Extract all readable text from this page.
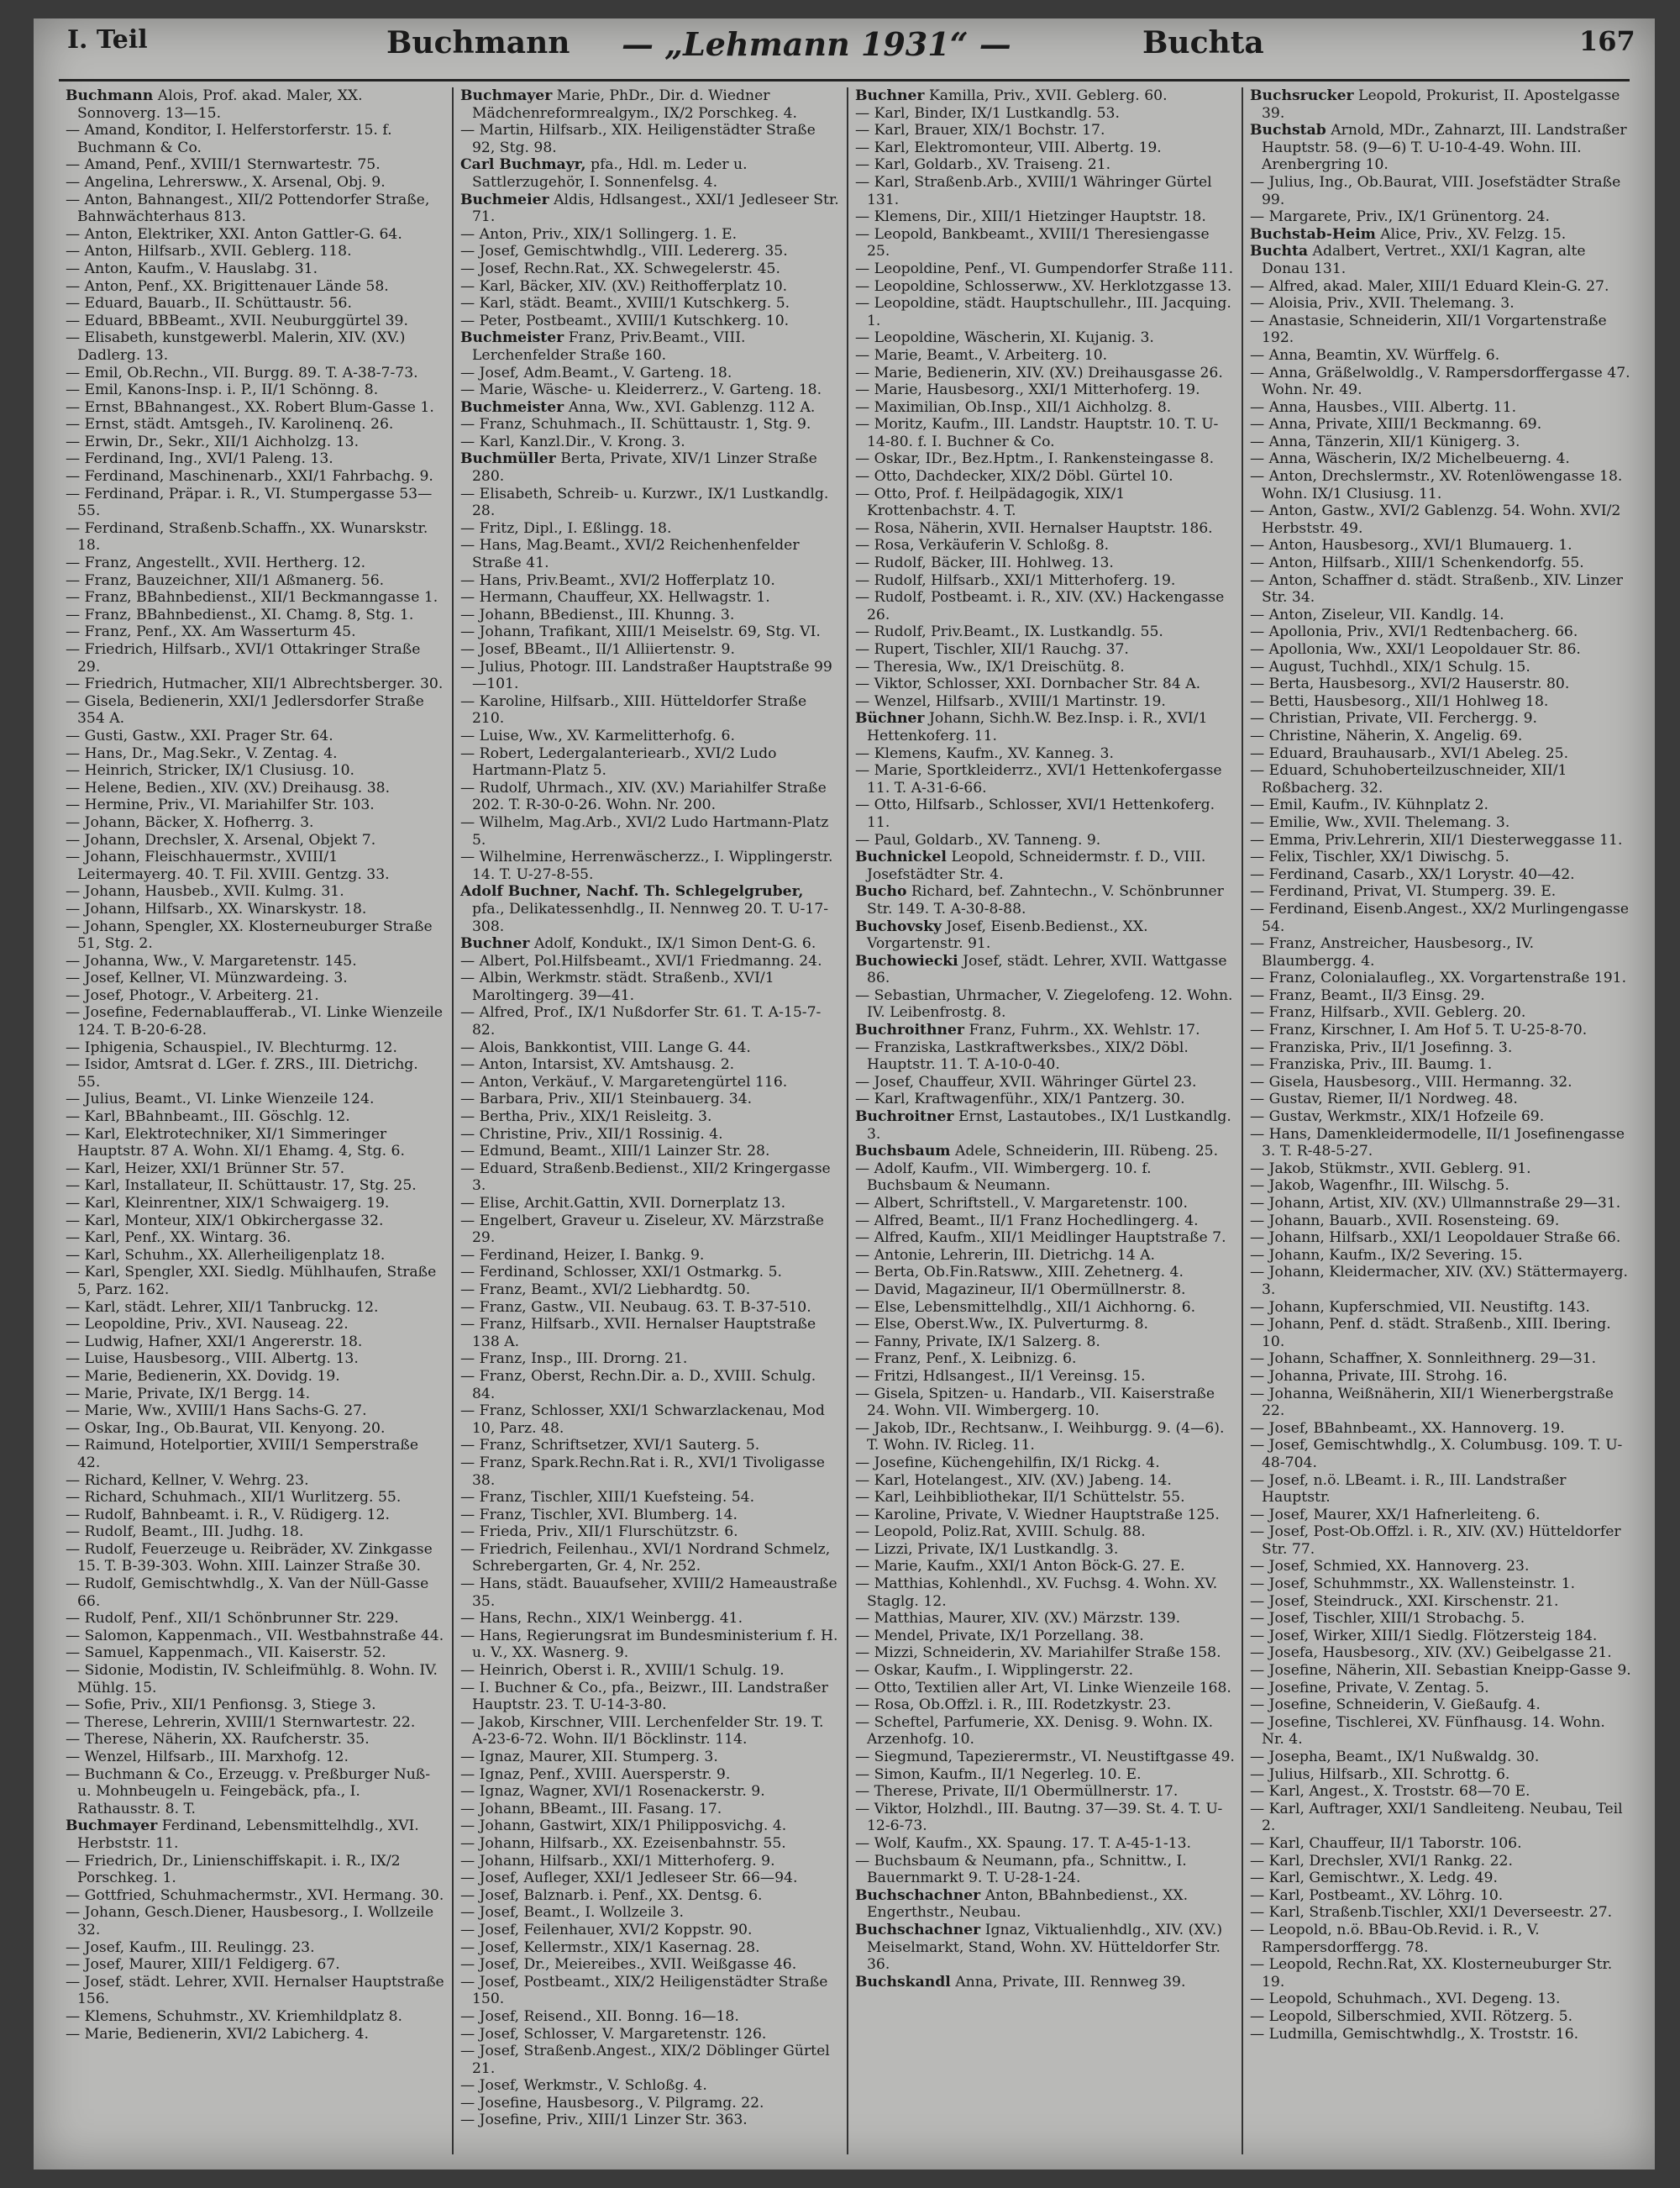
I. Teil	Buchmann — „Lehmann 1931“ —	Buchta	167
Buchmann Alois, Prof. akad. Maler, XX. Sonnoverg. 13—15.
— Amand, Konditor, I. Helferstorferstr. 15. f. Buchmann & Co.
— Amand, Penf., XVIII/1 Sternwartestr. 75.
— Angelina, Lehrersww., X. Arsenal, Obj. 9.
— Anton, Bahnangest., XII/2 Pottendorfer Straße, Bahnwächterhaus 813.
— Anton, Elektriker, XXI. Anton Gattler-G. 64.
— Anton, Hilfsarb., XVII. Geblerg. 118.
— Anton, Kaufm., V. Hauslabg. 31.
— Anton, Penf., XX. Brigittenauer Lände 58.
— Eduard, Bauarb., II. Schüttaustr. 56.
— Eduard, BBBeamt., XVII. Neuburggürtel 39.
— Elisabeth, kunstgewerbl. Malerin, XIV. (XV.) Dadlerg. 13.
— Emil, Ob.Rechn., VII. Burgg. 89. T. A-38-7-73.
— Emil, Kanons-Insp. i. P., II/1 Schönng. 8.
— Ernst, BBahnangest., XX. Robert Blum-Gasse 1.
— Ernst, städt. Amtsgeh., IV. Karolinenq. 26.
— Erwin, Dr., Sekr., XII/1 Aichholzg. 13.
— Ferdinand, Ing., XVI/1 Paleng. 13.
— Ferdinand, Maschinenarb., XXI/1 Fahrbachg. 9.
— Ferdinand, Präpar. i. R., VI. Stumpergasse 53—55.
— Ferdinand, Straßenb.Schaffn., XX. Wunarskstr. 18.
— Franz, Angestellt., XVII. Hertherg. 12.
— Franz, Bauzeichner, XII/1 Aßmanerg. 56.
— Franz, BBahnbedienst., XII/1 Beckmanngasse 1.
— Franz, BBahnbedienst., XI. Chamg. 8, Stg. 1.
— Franz, Penf., XX. Am Wasserturm 45.
— Friedrich, Hilfsarb., XVI/1 Ottakringer Straße 29.
— Friedrich, Hutmacher, XII/1 Albrechtsberger. 30.
— Gisela, Bedienerin, XXI/1 Jedlersdorfer Straße 354 A.
— Gusti, Gastw., XXI. Prager Str. 64.
— Hans, Dr., Mag.Sekr., V. Zentag. 4.
— Heinrich, Stricker, IX/1 Clusiusg. 10.
— Helene, Bedien., XIV. (XV.) Dreihausg. 38.
— Hermine, Priv., VI. Mariahilfer Str. 103.
— Johann, Bäcker, X. Hofherrg. 3.
— Johann, Drechsler, X. Arsenal, Objekt 7.
— Johann, Fleischhauermstr., XVIII/1 Leitermayerg. 40. T. Fil. XVIII. Gentzg. 33.
— Johann, Hausbeb., XVII. Kulmg. 31.
— Johann, Hilfsarb., XX. Winarskystr. 18.
— Johann, Spengler, XX. Klosterneuburger Straße 51, Stg. 2.
— Johanna, Ww., V. Margaretenstr. 145.
— Josef, Kellner, VI. Münzwardeing. 3.
— Josef, Photogr., V. Arbeiterg. 21.
— Josefine, Federnablaufferab., VI. Linke Wienzeile 124. T. B-20-6-28.
— Iphigenia, Schauspiel., IV. Blechturmg. 12.
— Isidor, Amtsrat d. LGer. f. ZRS., III. Dietrichg. 55.
— Julius, Beamt., VI. Linke Wienzeile 124.
— Karl, BBahnbeamt., III. Göschlg. 12.
— Karl, Elektrotechniker, XI/1 Simmeringer Hauptstr. 87 A. Wohn. XI/1 Ehamg. 4, Stg. 6.
— Karl, Heizer, XXI/1 Brünner Str. 57.
— Karl, Installateur, II. Schüttaustr. 17, Stg. 25.
— Karl, Kleinrentner, XIX/1 Schwaigerg. 19.
— Karl, Monteur, XIX/1 Obkirchergasse 32.
— Karl, Penf., XX. Wintarg. 36.
— Karl, Schuhm., XX. Allerheiligenplatz 18.
— Karl, Spengler, XXI. Siedlg. Mühlhaufen, Straße 5, Parz. 162.
— Karl, städt. Lehrer, XII/1 Tanbruckg. 12.
— Leopoldine, Priv., XVI. Nauseag. 22.
— Ludwig, Hafner, XXI/1 Angererstr. 18.
— Luise, Hausbesorg., VIII. Albertg. 13.
— Marie, Bedienerin, XX. Dovidg. 19.
— Marie, Private, IX/1 Bergg. 14.
— Marie, Ww., XVIII/1 Hans Sachs-G. 27.
— Oskar, Ing., Ob.Baurat, VII. Kenyong. 20.
— Raimund, Hotelportier, XVIII/1 Semperstraße 42.
— Richard, Kellner, V. Wehrg. 23.
— Richard, Schuhmach., XII/1 Wurlitzerg. 55.
— Rudolf, Bahnbeamt. i. R., V. Rüdigerg. 12.
— Rudolf, Beamt., III. Judhg. 18.
— Rudolf, Feuerzeuge u. Reibräder, XV. Zinkgasse 15. T. B-39-303. Wohn. XIII. Lainzer Straße 30.
— Rudolf, Gemischtwhdlg., X. Van der Nüll-Gasse 66.
— Rudolf, Penf., XII/1 Schönbrunner Str. 229.
— Salomon, Kappenmach., VII. Westbahnstraße 44.
— Samuel, Kappenmach., VII. Kaiserstr. 52.
— Sidonie, Modistin, IV. Schleifmühlg. 8. Wohn. IV. Mühlg. 15.
— Sofie, Priv., XII/1 Penfionsg. 3, Stiege 3.
— Therese, Lehrerin, XVIII/1 Sternwartestr. 22.
— Therese, Näherin, XX. Raufcherstr. 35.
— Wenzel, Hilfsarb., III. Marxhofg. 12.
— Buchmann & Co., Erzeugg. v. Preßburger Nuß- u. Mohnbeugeln u. Feingebäck, pfa., I. Rathausstr. 8. T.
Buchmayer Ferdinand, Lebensmittelhdlg., XVI. Herbststr. 11.
— Friedrich, Dr., Linienschiffskapit. i. R., IX/2 Porschkeg. 1.
— Gottfried, Schuhmachermstr., XVI. Hermang. 30.
— Johann, Gesch.Diener, Hausbesorg., I. Wollzeile 32.
— Josef, Kaufm., III. Reulingg. 23.
— Josef, Maurer, XIII/1 Feldigerg. 67.
— Josef, städt. Lehrer, XVII. Hernalser Hauptstraße 156.
— Klemens, Schuhmstr., XV. Kriemhildplatz 8.
— Marie, Bedienerin, XVI/2 Labicherg. 4.
Buchmayer Marie, PhDr., Dir. d. Wiedner Mädchenreformrealgym., IX/2 Porschkeg. 4.
— Martin, Hilfsarb., XIX. Heiligenstädter Straße 92, Stg. 98.
Carl Buchmayr, pfa., Hdl. m. Leder u. Sattlerzugehör, I. Sonnenfelsg. 4.
Buchmeier Aldis, Hdlsangest., XXI/1 Jedleseer Str. 71.
— Anton, Priv., XIX/1 Sollingerg. 1. E.
— Josef, Gemischtwhdlg., VIII. Ledererg. 35.
— Josef, Rechn.Rat., XX. Schwegelerstr. 45.
— Karl, Bäcker, XIV. (XV.) Reithofferplatz 10.
— Karl, städt. Beamt., XVIII/1 Kutschkerg. 5.
— Peter, Postbeamt., XVIII/1 Kutschkerg. 10.
Buchmeister Franz, Priv.Beamt., VIII. Lerchenfelder Straße 160.
— Josef, Adm.Beamt., V. Garteng. 18.
— Marie, Wäsche- u. Kleiderrerz., V. Garteng. 18.
Buchmeister Anna, Ww., XVI. Gablenzg. 112 A.
— Franz, Schuhmach., II. Schüttaustr. 1, Stg. 9.
— Karl, Kanzl.Dir., V. Krong. 3.
Buchmüller Berta, Private, XIV/1 Linzer Straße 280.
— Elisabeth, Schreib- u. Kurzwr., IX/1 Lustkandlg. 28.
— Fritz, Dipl., I. Eßlingg. 18.
— Hans, Mag.Beamt., XVI/2 Reichenhenfelder Straße 41.
— Hans, Priv.Beamt., XVI/2 Hofferplatz 10.
— Hermann, Chauffeur, XX. Hellwagstr. 1.
— Johann, BBedienst., III. Khunng. 3.
— Johann, Trafikant, XIII/1 Meiselstr. 69, Stg. VI.
— Josef, BBeamt., II/1 Alliiertenstr. 9.
— Julius, Photogr. III. Landstraßer Hauptstraße 99—101.
— Karoline, Hilfsarb., XIII. Hütteldorfer Straße 210.
— Luise, Ww., XV. Karmelitterhofg. 6.
— Robert, Ledergalanteriearb., XVI/2 Ludo Hartmann-Platz 5.
— Rudolf, Uhrmach., XIV. (XV.) Mariahilfer Straße 202. T. R-30-0-26. Wohn. Nr. 200.
— Wilhelm, Mag.Arb., XVI/2 Ludo Hartmann-Platz 5.
— Wilhelmine, Herrenwäscherzz., I. Wipplingerstr. 14. T. U-27-8-55.
Adolf Buchner, Nachf. Th. Schlegelgruber, pfa., Delikatessenhdlg., II. Nennweg 20. T. U-17-308.
Buchner Adolf, Kondukt., IX/1 Simon Dent-G. 6.
— Albert, Pol.Hilfsbeamt., XVI/1 Friedmanng. 24.
— Albin, Werkmstr. städt. Straßenb., XVI/1 Maroltingerg. 39—41.
— Alfred, Prof., IX/1 Nußdorfer Str. 61. T. A-15-7-82.
— Alois, Bankkontist, VIII. Lange G. 44.
— Anton, Intarsist, XV. Amtshausg. 2.
— Anton, Verkäuf., V. Margaretengürtel 116.
— Barbara, Priv., XII/1 Steinbauerg. 34.
— Bertha, Priv., XIX/1 Reisleitg. 3.
— Christine, Priv., XII/1 Rossinig. 4.
— Edmund, Beamt., XIII/1 Lainzer Str. 28.
— Eduard, Straßenb.Bedienst., XII/2 Kringergasse 3.
— Elise, Archit.Gattin, XVII. Dornerplatz 13.
— Engelbert, Graveur u. Ziseleur, XV. Märzstraße 29.
— Ferdinand, Heizer, I. Bankg. 9.
— Ferdinand, Schlosser, XXI/1 Ostmarkg. 5.
— Franz, Beamt., XVI/2 Liebhardtg. 50.
— Franz, Gastw., VII. Neubaug. 63. T. B-37-510.
— Franz, Hilfsarb., XVII. Hernalser Hauptstraße 138 A.
— Franz, Insp., III. Drorng. 21.
— Franz, Oberst, Rechn.Dir. a. D., XVIII. Schulg. 84.
— Franz, Schlosser, XXI/1 Schwarzlackenau, Mod 10, Parz. 48.
— Franz, Schriftsetzer, XVI/1 Sauterg. 5.
— Franz, Spark.Rechn.Rat i. R., XVI/1 Tivoligasse 38.
— Franz, Tischler, XIII/1 Kuefsteing. 54.
— Franz, Tischler, XVI. Blumberg. 14.
— Frieda, Priv., XII/1 Flurschützstr. 6.
— Friedrich, Feilenhau., XVI/1 Nordrand Schmelz, Schrebergarten, Gr. 4, Nr. 252.
— Hans, städt. Bauaufseher, XVIII/2 Hameaustraße 35.
— Hans, Rechn., XIX/1 Weinbergg. 41.
— Hans, Regierungsrat im Bundesministerium f. H. u. V., XX. Wasnerg. 9.
— Heinrich, Oberst i. R., XVIII/1 Schulg. 19.
— I. Buchner & Co., pfa., Beizwr., III. Landstraßer Hauptstr. 23. T. U-14-3-80.
— Jakob, Kirschner, VIII. Lerchenfelder Str. 19. T. A-23-6-72. Wohn. II/1 Böcklinstr. 114.
— Ignaz, Maurer, XII. Stumperg. 3.
— Ignaz, Penf., XVIII. Auersperstr. 9.
— Ignaz, Wagner, XVI/1 Rosenackerstr. 9.
— Johann, BBeamt., III. Fasang. 17.
— Johann, Gastwirt, XIX/1 Philipposvichg. 4.
— Johann, Hilfsarb., XX. Ezeisenbahnstr. 55.
— Johann, Hilfsarb., XXI/1 Mitterhoferg. 9.
— Josef, Aufleger, XXI/1 Jedleseer Str. 66—94.
— Josef, Balznarb. i. Penf., XX. Dentsg. 6.
— Josef, Beamt., I. Wollzeile 3.
— Josef, Feilenhauer, XVI/2 Koppstr. 90.
— Josef, Kellermstr., XIX/1 Kasernag. 28.
— Josef, Dr., Meiereibes., XVII. Weißgasse 46.
— Josef, Postbeamt., XIX/2 Heiligenstädter Straße 150.
— Josef, Reisend., XII. Bonng. 16—18.
— Josef, Schlosser, V. Margaretenstr. 126.
— Josef, Straßenb.Angest., XIX/2 Döblinger Gürtel 21.
— Josef, Werkmstr., V. Schloßg. 4.
— Josefine, Hausbesorg., V. Pilgramg. 22.
— Josefine, Priv., XIII/1 Linzer Str. 363.
Buchner Kamilla, Priv., XVII. Geblerg. 60.
— Karl, Binder, IX/1 Lustkandlg. 53.
— Karl, Brauer, XIX/1 Bochstr. 17.
— Karl, Elektromonteur, VIII. Albertg. 19.
— Karl, Goldarb., XV. Traiseng. 21.
— Karl, Straßenb.Arb., XVIII/1 Währinger Gürtel 131.
— Klemens, Dir., XIII/1 Hietzinger Hauptstr. 18.
— Leopold, Bankbeamt., XVIII/1 Theresiengasse 25.
— Leopoldine, Penf., VI. Gumpendorfer Straße 111.
— Leopoldine, Schlosserww., XV. Herklotzgasse 13.
— Leopoldine, städt. Hauptschullehr., III. Jacquing. 1.
— Leopoldine, Wäscherin, XI. Kujanig. 3.
— Marie, Beamt., V. Arbeiterg. 10.
— Marie, Bedienerin, XIV. (XV.) Dreihausgasse 26.
— Marie, Hausbesorg., XXI/1 Mitterhoferg. 19.
— Maximilian, Ob.Insp., XII/1 Aichholzg. 8.
— Moritz, Kaufm., III. Landstr. Hauptstr. 10. T. U-14-80. f. I. Buchner & Co.
— Oskar, IDr., Bez.Hptm., I. Rankensteingasse 8.
— Otto, Dachdecker, XIX/2 Döbl. Gürtel 10.
— Otto, Prof. f. Heilpädagogik, XIX/1 Krottenbachstr. 4. T.
— Rosa, Näherin, XVII. Hernalser Hauptstr. 186.
— Rosa, Verkäuferin V. Schloßg. 8.
— Rudolf, Bäcker, III. Hohlweg. 13.
— Rudolf, Hilfsarb., XXI/1 Mitterhoferg. 19.
— Rudolf, Postbeamt. i. R., XIV. (XV.) Hackengasse 26.
— Rudolf, Priv.Beamt., IX. Lustkandlg. 55.
— Rupert, Tischler, XII/1 Rauchg. 37.
— Theresia, Ww., IX/1 Dreischütg. 8.
— Viktor, Schlosser, XXI. Dornbacher Str. 84 A.
— Wenzel, Hilfsarb., XVIII/1 Martinstr. 19.
Büchner Johann, Sichh.W. Bez.Insp. i. R., XVI/1 Hettenkoferg. 11.
— Klemens, Kaufm., XV. Kanneg. 3.
— Marie, Sportkleiderrz., XVI/1 Hettenkofergasse 11. T. A-31-6-66.
— Otto, Hilfsarb., Schlosser, XVI/1 Hettenkoferg. 11.
— Paul, Goldarb., XV. Tanneng. 9.
Buchnickel Leopold, Schneidermstr. f. D., VIII. Josefstädter Str. 4.
Bucho Richard, bef. Zahntechn., V. Schönbrunner Str. 149. T. A-30-8-88.
Buchovsky Josef, Eisenb.Bedienst., XX. Vorgartenstr. 91.
Buchowiecki Josef, städt. Lehrer, XVII. Wattgasse 86.
— Sebastian, Uhrmacher, V. Ziegelofeng. 12. Wohn. IV. Leibenfrostg. 8.
Buchroithner Franz, Fuhrm., XX. Wehlstr. 17.
— Franziska, Lastkraftwerksbes., XIX/2 Döbl. Hauptstr. 11. T. A-10-0-40.
— Josef, Chauffeur, XVII. Währinger Gürtel 23.
— Karl, Kraftwagenführ., XIX/1 Pantzerg. 30.
Buchroitner Ernst, Lastautobes., IX/1 Lustkandlg. 3.
Buchsbaum Adele, Schneiderin, III. Rübeng. 25.
— Adolf, Kaufm., VII. Wimbergerg. 10. f. Buchsbaum & Neumann.
— Albert, Schriftstell., V. Margaretenstr. 100.
— Alfred, Beamt., II/1 Franz Hochedlingerg. 4.
— Alfred, Kaufm., XII/1 Meidlinger Hauptstraße 7.
— Antonie, Lehrerin, III. Dietrichg. 14 A.
— Berta, Ob.Fin.Ratsww., XIII. Zehetnerg. 4.
— David, Magazineur, II/1 Obermüllnerstr. 8.
— Else, Lebensmittelhdlg., XII/1 Aichhorng. 6.
— Else, Oberst.Ww., IX. Pulverturmg. 8.
— Fanny, Private, IX/1 Salzerg. 8.
— Franz, Penf., X. Leibnizg. 6.
— Fritzi, Hdlsangest., II/1 Vereinsg. 15.
— Gisela, Spitzen- u. Handarb., VII. Kaiserstraße 24. Wohn. VII. Wimbergerg. 10.
— Jakob, IDr., Rechtsanw., I. Weihburgg. 9. (4—6). T. Wohn. IV. Ricleg. 11.
— Josefine, Küchengehilfin, IX/1 Rickg. 4.
— Karl, Hotelangest., XIV. (XV.) Jabeng. 14.
— Karl, Leihbibliothekar, II/1 Schüttelstr. 55.
— Karoline, Private, V. Wiedner Hauptstraße 125.
— Leopold, Poliz.Rat, XVIII. Schulg. 88.
— Lizzi, Private, IX/1 Lustkandlg. 3.
— Marie, Kaufm., XXI/1 Anton Böck-G. 27. E.
— Matthias, Kohlenhdl., XV. Fuchsg. 4. Wohn. XV. Staglg. 12.
— Matthias, Maurer, XIV. (XV.) Märzstr. 139.
— Mendel, Private, IX/1 Porzellang. 38.
— Mizzi, Schneiderin, XV. Mariahilfer Straße 158.
— Oskar, Kaufm., I. Wipplingerstr. 22.
— Otto, Textilien aller Art, VI. Linke Wienzeile 168.
— Rosa, Ob.Offzl. i. R., III. Rodetzkystr. 23.
— Scheftel, Parfumerie, XX. Denisg. 9. Wohn. IX. Arzenhofg. 10.
— Siegmund, Tapezierermstr., VI. Neustiftgasse 49.
— Simon, Kaufm., II/1 Negerleg. 10. E.
— Therese, Private, II/1 Obermüllnerstr. 17.
— Viktor, Holzhdl., III. Bautng. 37—39. St. 4. T. U-12-6-73.
— Wolf, Kaufm., XX. Spaung. 17. T. A-45-1-13.
— Buchsbaum & Neumann, pfa., Schnittw., I. Bauernmarkt 9. T. U-28-1-24.
Buchschachner Anton, BBahnbedienst., XX. Engerthstr., Neubau.
Buchschachner Ignaz, Viktualienhdlg., XIV. (XV.) Meiselmarkt, Stand, Wohn. XV. Hütteldorfer Str. 36.
Buchskandl Anna, Private, III. Rennweg 39.
Buchsrucker Leopold, Prokurist, II. Apostelgasse 39.
Buchstab Arnold, MDr., Zahnarzt, III. Landstraßer Hauptstr. 58. (9—6) T. U-10-4-49. Wohn. III. Arenbergring 10.
— Julius, Ing., Ob.Baurat, VIII. Josefstädter Straße 99.
— Margarete, Priv., IX/1 Grünentorg. 24.
Buchstab-Heim Alice, Priv., XV. Felzg. 15.
Buchta Adalbert, Vertret., XXI/1 Kagran, alte Donau 131.
— Alfred, akad. Maler, XIII/1 Eduard Klein-G. 27.
— Aloisia, Priv., XVII. Thelemang. 3.
— Anastasie, Schneiderin, XII/1 Vorgartenstraße 192.
— Anna, Beamtin, XV. Würffelg. 6.
— Anna, Gräßelwoldlg., V. Rampersdorffergasse 47. Wohn. Nr. 49.
— Anna, Hausbes., VIII. Albertg. 11.
— Anna, Private, XIII/1 Beckmanng. 69.
— Anna, Tänzerin, XII/1 Künigerg. 3.
— Anna, Wäscherin, IX/2 Michelbeuerng. 4.
— Anton, Drechslermstr., XV. Rotenlöwengasse 18. Wohn. IX/1 Clusiusg. 11.
— Anton, Gastw., XVI/2 Gablenzg. 54. Wohn. XVI/2 Herbststr. 49.
— Anton, Hausbesorg., XVI/1 Blumauerg. 1.
— Anton, Hilfsarb., XIII/1 Schenkendorfg. 55.
— Anton, Schaffner d. städt. Straßenb., XIV. Linzer Str. 34.
— Anton, Ziseleur, VII. Kandlg. 14.
— Apollonia, Priv., XVI/1 Redtenbacherg. 66.
— Apollonia, Ww., XXI/1 Leopoldauer Str. 86.
— August, Tuchhdl., XIX/1 Schulg. 15.
— Berta, Hausbesorg., XVI/2 Hauserstr. 80.
— Betti, Hausbesorg., XII/1 Hohlweg 18.
— Christian, Private, VII. Ferchergg. 9.
— Christine, Näherin, X. Angelig. 69.
— Eduard, Brauhausarb., XVI/1 Abeleg. 25.
— Eduard, Schuhoberteilzuschneider, XII/1 Roßbacherg. 32.
— Emil, Kaufm., IV. Kühnplatz 2.
— Emilie, Ww., XVII. Thelemang. 3.
— Emma, Priv.Lehrerin, XII/1 Diesterweggasse 11.
— Felix, Tischler, XX/1 Diwischg. 5.
— Ferdinand, Casarb., XX/1 Lorystr. 40—42.
— Ferdinand, Privat, VI. Stumperg. 39. E.
— Ferdinand, Eisenb.Angest., XX/2 Murlingengasse 54.
— Franz, Anstreicher, Hausbesorg., IV. Blaumbergg. 4.
— Franz, Colonialaufleg., XX. Vorgartenstraße 191.
— Franz, Beamt., II/3 Einsg. 29.
— Franz, Hilfsarb., XVII. Geblerg. 20.
— Franz, Kirschner, I. Am Hof 5. T. U-25-8-70.
— Franziska, Priv., II/1 Josefinng. 3.
— Franziska, Priv., III. Baumg. 1.
— Gisela, Hausbesorg., VIII. Hermanng. 32.
— Gustav, Riemer, II/1 Nordweg. 48.
— Gustav, Werkmstr., XIX/1 Hofzeile 69.
— Hans, Damenkleidermodelle, II/1 Josefinengasse 3. T. R-48-5-27.
— Jakob, Stükmstr., XVII. Geblerg. 91.
— Jakob, Wagenfhr., III. Wilschg. 5.
— Johann, Artist, XIV. (XV.) Ullmannstraße 29—31.
— Johann, Bauarb., XVII. Rosensteing. 69.
— Johann, Hilfsarb., XXI/1 Leopoldauer Straße 66.
— Johann, Kaufm., IX/2 Severing. 15.
— Johann, Kleidermacher, XIV. (XV.) Stättermayerg. 3.
— Johann, Kupferschmied, VII. Neustiftg. 143.
— Johann, Penf. d. städt. Straßenb., XIII. Ibering. 10.
— Johann, Schaffner, X. Sonnleithnerg. 29—31.
— Johanna, Private, III. Strohg. 16.
— Johanna, Weißnäherin, XII/1 Wienerbergstraße 22.
— Josef, BBahnbeamt., XX. Hannoverg. 19.
— Josef, Gemischtwhdlg., X. Columbusg. 109. T. U-48-704.
— Josef, n.ö. LBeamt. i. R., III. Landstraßer Hauptstr.
— Josef, Maurer, XX/1 Hafnerleiteng. 6.
— Josef, Post-Ob.Offzl. i. R., XIV. (XV.) Hütteldorfer Str. 77.
— Josef, Schmied, XX. Hannoverg. 23.
— Josef, Schuhmmstr., XX. Wallensteinstr. 1.
— Josef, Steindruck., XXI. Kirschenstr. 21.
— Josef, Tischler, XIII/1 Strobachg. 5.
— Josef, Wirker, XIII/1 Siedlg. Flötzersteig 184.
— Josefa, Hausbesorg., XIV. (XV.) Geibelgasse 21.
— Josefine, Näherin, XII. Sebastian Kneipp-Gasse 9.
— Josefine, Private, V. Zentag. 5.
— Josefine, Schneiderin, V. Gießaufg. 4.
— Josefine, Tischlerei, XV. Fünfhausg. 14. Wohn. Nr. 4.
— Josepha, Beamt., IX/1 Nußwaldg. 30.
— Julius, Hilfsarb., XII. Schrottg. 6.
— Karl, Angest., X. Troststr. 68—70 E.
— Karl, Auftrager, XXI/1 Sandleiteng. Neubau, Teil 2.
— Karl, Chauffeur, II/1 Taborstr. 106.
— Karl, Drechsler, XVI/1 Rankg. 22.
— Karl, Gemischtwr., X. Ledg. 49.
— Karl, Postbeamt., XV. Löhrg. 10.
— Karl, Straßenb.Tischler, XXI/1 Deverseestr. 27.
— Leopold, n.ö. BBau-Ob.Revid. i. R., V. Rampersdorffergg. 78.
— Leopold, Rechn.Rat, XX. Klosterneuburger Str. 19.
— Leopold, Schuhmach., XVI. Degeng. 13.
— Leopold, Silberschmied, XVII. Rötzerg. 5.
— Ludmilla, Gemischtwhdlg., X. Troststr. 16.
